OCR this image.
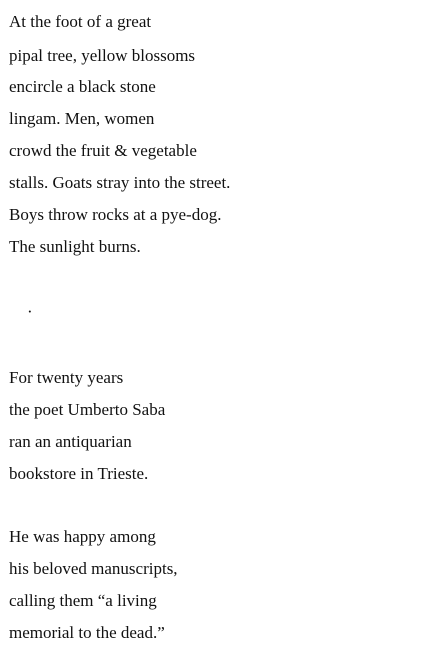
At the foot of a great
pipal tree, yellow blossoms
encircle a black stone
lingam. Men, women
crowd the fruit & vegetable
stalls. Goats stray into the street.
Boys throw rocks at a pye-dog.
The sunlight burns.
·
For twenty years
the poet Umberto Saba
ran an antiquarian
bookstore in Trieste.
He was happy among
his beloved manuscripts,
calling them “a living
memorial to the dead.”
